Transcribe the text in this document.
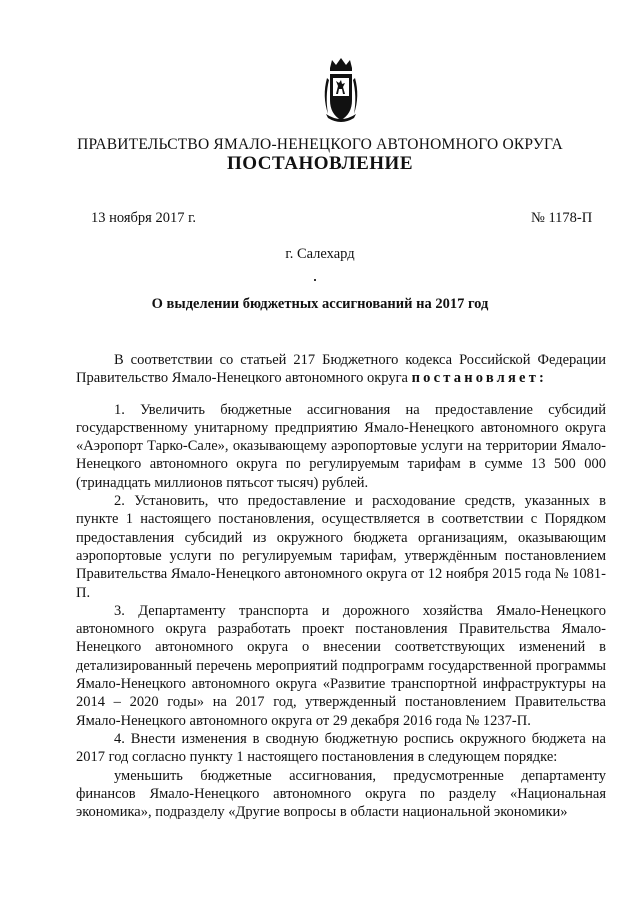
ПРАВИТЕЛЬСТВО ЯМАЛО-НЕНЕЦКОГО АВТОНОМНОГО ОКРУГА
ПОСТАНОВЛЕНИЕ
13 ноября 2017 г.	№ 1178-П
г. Салехард
О выделении бюджетных ассигнований на 2017 год

В соответствии со статьей 217 Бюджетного кодекса Российской Федерации Правительство Ямало-Ненецкого автономного округа постановляет:

1. Увеличить бюджетные ассигнования на предоставление субсидий государственному унитарному предприятию Ямало-Ненецкого автономного округа «Аэропорт Тарко-Сале», оказывающему аэропортовые услуги на территории Ямало-Ненецкого автономного округа по регулируемым тарифам в сумме 13 500 000 (тринадцать миллионов пятьсот тысяч) рублей.

2. Установить, что предоставление и расходование средств, указанных в пункте 1 настоящего постановления, осуществляется в соответствии с Порядком предоставления субсидий из окружного бюджета организациям, оказывающим аэропортовые услуги по регулируемым тарифам, утверждённым постановлением Правительства Ямало-Ненецкого автономного округа от 12 ноября 2015 года № 1081-П.

3. Департаменту транспорта и дорожного хозяйства Ямало-Ненецкого автономного округа разработать проект постановления Правительства Ямало-Ненецкого автономного округа о внесении соответствующих изменений в детализированный перечень мероприятий подпрограмм государственной программы Ямало-Ненецкого автономного округа «Развитие транспортной инфраструктуры на 2014 – 2020 годы» на 2017 год, утвержденный постановлением Правительства Ямало-Ненецкого автономного округа от 29 декабря 2016 года № 1237-П.

4. Внести изменения в сводную бюджетную роспись окружного бюджета на 2017 год согласно пункту 1 настоящего постановления в следующем порядке:

уменьшить бюджетные ассигнования, предусмотренные департаменту финансов Ямало-Ненецкого автономного округа по разделу «Национальная экономика», подразделу «Другие вопросы в области национальной экономики»
